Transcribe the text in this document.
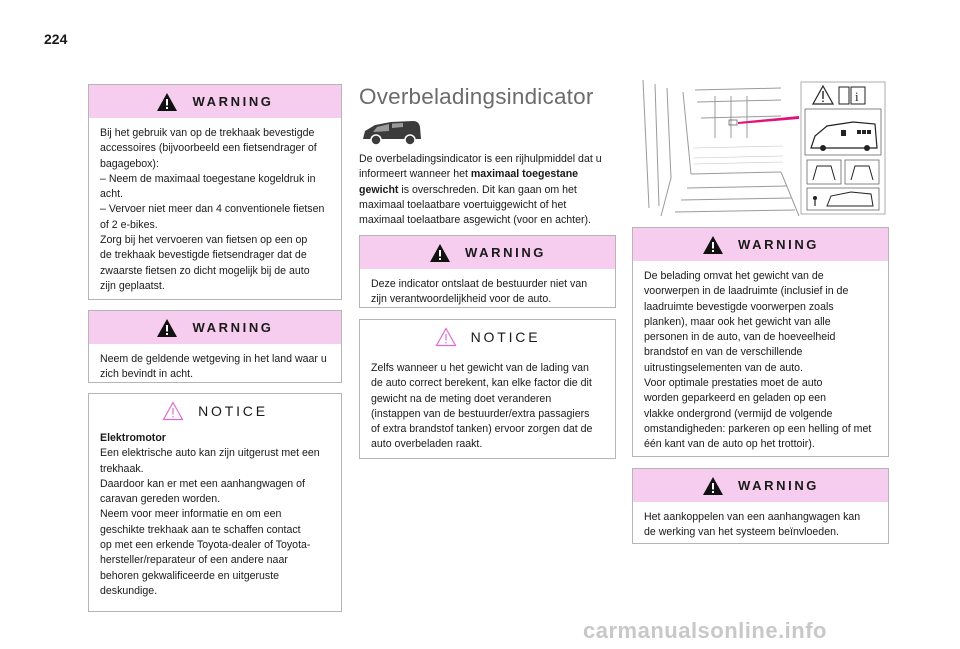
224
WARNING
Bij het gebruik van op de trekhaak bevestigde
accessoires (bijvoorbeeld een fietsendrager of
bagagebox):
– Neem de maximaal toegestane kogeldruk in
acht.
– Vervoer niet meer dan 4 conventionele fietsen
of 2 e-bikes.
Zorg bij het vervoeren van fietsen op een op
de trekhaak bevestigde fietsendrager dat de
zwaarste fietsen zo dicht mogelijk bij de auto
zijn geplaatst.
WARNING
Neem de geldende wetgeving in het land waar u
zich bevindt in acht.
NOTICE
Elektromotor
Een elektrische auto kan zijn uitgerust met een
trekhaak.
Daardoor kan er met een aanhangwagen of
caravan gereden worden.
Neem voor meer informatie en om een
geschikte trekhaak aan te schaffen contact
op met een erkende Toyota-dealer of Toyota-
hersteller/reparateur of een andere naar
behoren gekwalificeerde en uitgeruste
deskundige.
Overbeladingsindicator
De overbeladingsindicator is een rijhulpmiddel dat u informeert wanneer het maximaal toegestane gewicht is overschreden. Dit kan gaan om het maximaal toelaatbare voertuiggewicht of het maximaal toelaatbare asgewicht (voor en achter).
WARNING
Deze indicator ontslaat de bestuurder niet van
zijn verantwoordelijkheid voor de auto.
NOTICE
Zelfs wanneer u het gewicht van de lading van
de auto correct berekent, kan elke factor die dit
gewicht na de meting doet veranderen
(instappen van de bestuurder/extra passagiers
of extra brandstof tanken) ervoor zorgen dat de
auto overbeladen raakt.
i
WARNING
De belading omvat het gewicht van de
voorwerpen in de laadruimte (inclusief in de
laadruimte bevestigde voorwerpen zoals
planken), maar ook het gewicht van alle
personen in de auto, van de hoeveelheid
brandstof en van de verschillende
uitrustingselementen van de auto.
Voor optimale prestaties moet de auto
worden geparkeerd en geladen op een
vlakke ondergrond (vermijd de volgende
omstandigheden: parkeren op een helling of met
één kant van de auto op het trottoir).
WARNING
Het aankoppelen van een aanhangwagen kan
de werking van het systeem beïnvloeden.
carmanualsonline.info
